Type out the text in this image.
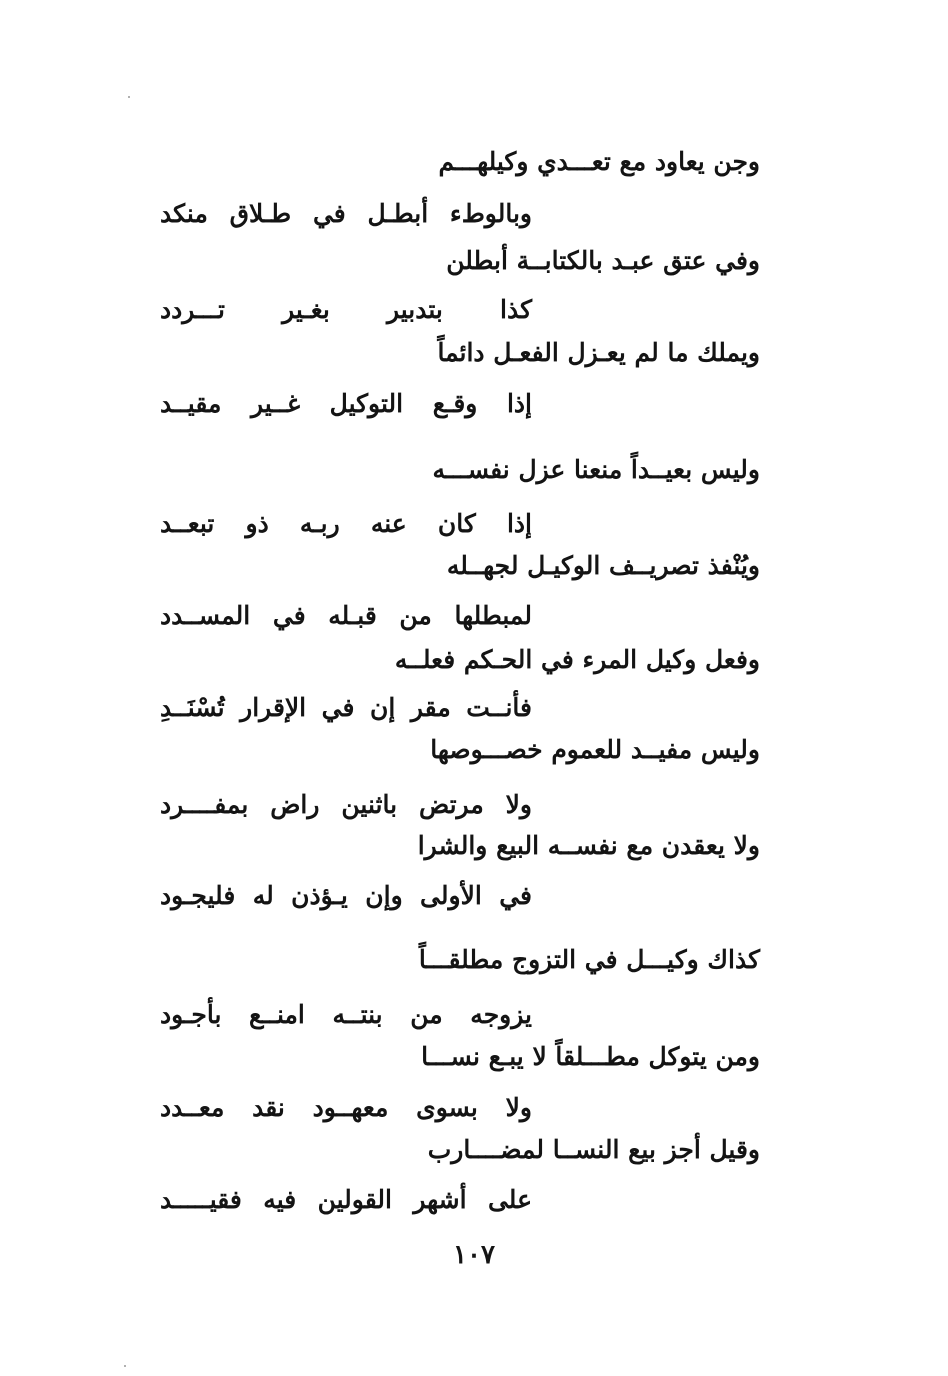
وجن يعاود مع تعـــدي وكيلهـــم
وبالوطء أبطـل في طـلاق منكد
وفي عتق عبـد بالكتابــة أبطلن
كذا بتدبير بغـير تـــردد
ويملك ما لم يعـزل الفعـل دائماً
إذا وقـع التوكيل غــير مقيــد
وليس بعيــداً منعنا عزل نفســـه
إذا كان عنه ربـه ذو تبعــد
ويُنْفذ تصريــف الوكيـل لجهــله
لمبطلها من قبـله في المســدد
وفعل وكيل المرء في الحـكم فعلــه
فأنــت مقر إن في الإقرار تُسْنَــدِ
وليس مفيــد للعموم خصـــوصها
ولا مرتض باثنين راض بمفــــرد
ولا يعقدن مع نفســه البيع والشرا
في الأولى وإن يـؤذن له فليجـود
كذاك وكيـــل في التزوج مطلقـــاً
يزوجه من بنتــه امنــع بأجـود
ومن يتوكل مطـــلقاً لا يبـع نســـا
ولا بسوى معهــود نقد معــدد
وقيل أجز بيع النســا لمضــــارب
على أشهر القولين فيه فقيـــــد
١٠٧
